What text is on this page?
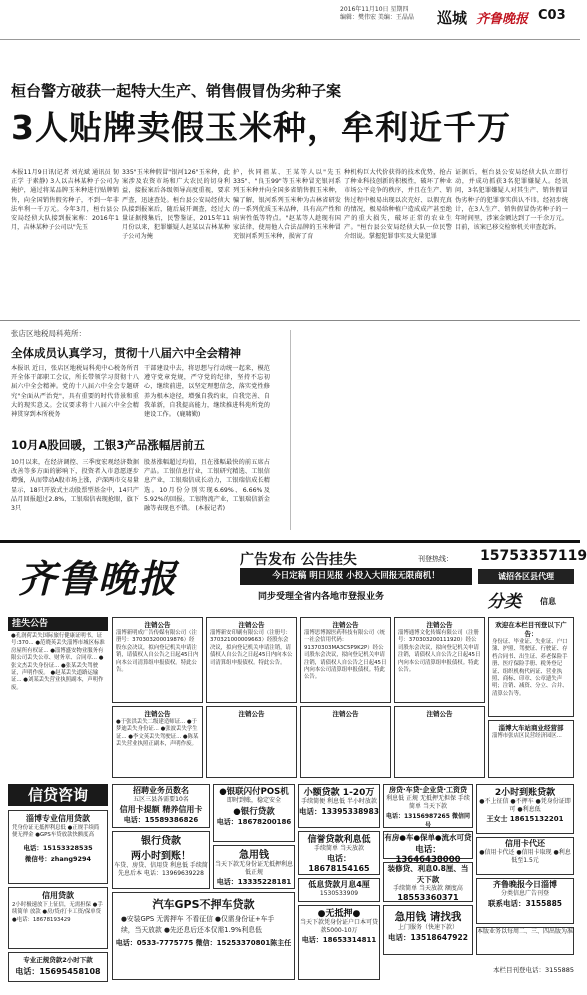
2016年11月10日 星期四
编辑：樊伟宏 美编：王晶晶 巡城 齐鲁晚报 C03
桓台警方破获一起特大生产、销售假冒伪劣种子案
3人贴牌卖假玉米种，牟利近千万
本报11月9日讯(记者 刘光斌 通讯员 韧正学 于素静) 3人以吉林某种子公司为掩护，通过将某品牌玉米种进行贴牌销售，向全国销售假劣种子，不到一年非法牟利一千万元。今年3月，桓台县公安局经侦大队接到报案称：2016年1月，吉林某种子公司以"先玉
335"玉米种假冒"银河126"玉米种，此案涉及农资市场和广大农民的切身利益，接报案后各级领导高度重视，要求严查，迅速查处。桓台县公安局经侦大队接到报案后，随后展开调查，经过大量证据搜集后，民警鉴证，2015年11月份以来，犯罪嫌疑人赵某以吉林某种子公司为掩
护，伙同祖某、王某等人以"先玉335"、"良玉99"等玉米种冒充银河系列玉米种并向全国多省销售假玉米种，骗了解，银河系列玉米种为吉林省研发的一系列优质玉米品种，具有高产性和病害性低等特点。"赵某等人趁现有国家法律，使用他人合法品牌的玉米种冒充银河系列玉米种，损害了育
种机构巨大代价获得的技术优势，抢占了种业科技创新的积极性，破坏了种业市场公平竞争的秩序，并且在生产、销售过程中极易出现以次充好、以假充真的情况，极易给种植户造成成产甚至绝产的重大损失，破坏正常的农业生产。"桓台县公安局经侦大队一位民警介绍说。掌握犯罪事实及大量犯罪
证据后，桓台县公安局经侦大队立即行动，并成功抓获3名犯罪嫌疑人。经讯问，3名犯罪嫌疑人对其生产、销售假冒伪劣种子的犯罪事实供认不讳。经初步统计，在3人生产、销售假冒伪劣种子的一年时间里，涉案金额达到了一千余万元。目前，该案已移交检察机关审查起诉。
张店区地税局科苑所：
全体成员认真学习，贯彻十八届六中全会精神
本报讯 近日，张店区地税局科苑中心税务所召开全体干部职工会议，所长带领学习贯彻十八届六中全会精神。党的十八届六中全会专题研究"全面从严治党"，具有重要的时代背景和重大的现实意义。会议要求将十八届六中全会精神贯穿到本所税务
干部建设中去，将思想与行动统一起来，模范遵守党章党规，严守党的纪律，坚持不忘初心，继续前进，以坚定理想信念，落实党性修养为根本途径，增强自我约束，自我完善、自我革新，自我提高能力，继续推进科苑所党的建设工作。 (鹿啸勤)
10月A股回暖，工银3产品涨幅居前五
10月以来，在经济调控、三季度宏观经济数据改善等多方面的影响下，投资者入市意愿逐步增强，从而带动A股市场上涨，沪深两市交易量显示，18只开放式主动股票型基金中，14只产品月回报超过2.8%，工银瑞信表现抢眼，旗下3只
股基涨幅超过均值，且在涨幅最快的前五席占产品。工银信息行业，工银研究精选、工银信息产业，工银瑞信成长动力，工银瑞信成长精选。10月份分别实现6.69%、6.66%及5.92%的回报。工银物流产业，工银瑞信新金融等表现也不错。 (本报记者)
齐鲁晚报	广告发布 公告挂失	刊登热线： 15753357119
今日定稿 明日见报 小投入大回报无限商机！
同步受理全省内各地市登报业务
诚招各区县代理
分类 信息
挂失公告
●孔润荷丢失国际旅行健康证明书，证号:370... ●范晓英丢失淄博市城区标准房屋所有权证... ●淄博盛安物业服务有限公司丢失公章、财务章、合同章... ●张文杰丢失身份证... ●张某丢失驾驶证，声明作废。 ●赵某丢失道路运输证... ●刘某丢失营业执照副本，声明作废。
注销公告
淄博新明成广告传媒有限公司（注册号：370303200019876）经股东会决议，拟向登记机关申请注销，请债权人自公告之日起45日内向本公司清算组申报债权。特此公告。
注销公告
淄博新安印刷有限公司（注册号：370321000009663）经股东会决议，拟向登记机关申请注销，请债权人自公告之日起45日内向本公司清算组申报债权。特此公告。
注销公告
淄博思博源医药科技有限公司（统一社会信用代码：91370303MA3C5P9K2P）经公司股东会决议，拟向登记机关申请注销，请债权人自公告之日起45日内向本公司清算组申报债权。特此公告。
注销公告
淄博通博文化传媒有限公司（注册号：370303200111920）经公司股东会决议，拟向登记机关申请注销，请债权人自公告之日起45日内向本公司清算组申报债权。特此公告。
欢迎在本栏目刊登以下广告：
身份证、毕业证、失业证、户口簿、护照、驾驶证、行驶证、存档合同书、出生证、养老保险手册、医疗保险手册、税务登记证、组织机构代码证、营业执照、商标、印章、公章遗失声明；注销、减资、分立、合并、清算公告等。
注销公告
●于张洪丢失二级建造师证... ●于梦迪丢失身份证... ●张波丢失学生证... ●李文英丢失驾驶证... ●陈某丢失营业执照正副本，声明作废。
注销公告	注销公告	注销公告
淄博大车站商业经营部
淄博市张店区民营经济园区...
信贷咨询
淄博专业信用贷款
凭身份证无抵押利息低 ●正规手续简便无押金 ●GPS车贷放款快额度高
电话：15153328535
微信号：zhang9294
信用贷款
2小时极速放下上征信，无需担保 ●手续简单 放款 ●房/贷/打卡工资/保单贷 ●电话：18678193429
专业正规贷款2小时下款
电话：15695458108
招聘业务员数名
五区三县各需要10名
信用卡提额 精养信用卡
电话：15589386826
银行贷款
两小时到账！
车贷、房贷、信用贷 利息低 手续简 先息后本 电话：13969639228
●银联闪付POS机
即时到账，稳定安全
●银行贷款
电话：18678200186
急用钱
当天下款无身份证无抵押利息低正规
电话：13335228181
汽车GPS不押车贷款
●安装GPS 无需押车 不看征信 ●仅需身份证+车手续，当天放款 ●先还息后还本仅需1.9%利息低
电话：0533-7775775 微信：15253370801陈主任
小额贷款 1-20万
手续简便 利息低 半小时放款
电话：13395338983
信誉贷款利息低
手续简单 当天放款
电话：18678154165
低息贷款月息4厘
1530533909
●无抵押●
当天下款凭身份证户口本可贷款5000-10万
电话：18653314811
房贷·车贷·企业贷·工资贷
利息低 正规 无抵押无担保 手续简单 当天下款
电话：13156987265 微信同号
有房●车●保单●流水可贷
电话：13646438000
装修贷、利息0.8厘、当天下款
手续简单 当天放款 额度高
18553360371
急用钱 请找我
上门服务（快速下款）
电话：13518647922
2小时到账贷款
●不上征信 ●不押车 ●凭身份证即可 ●利息低
王女士 18615132201
信用卡代还
●信用卡代还 ●信用卡取现 ●利息低至1.5元
齐鲁晚报今日淄博
分类信息广告刊登
联系电话：3155885
本版业务以每周二、三、四出版为准
本栏目刊登电话：3155885
